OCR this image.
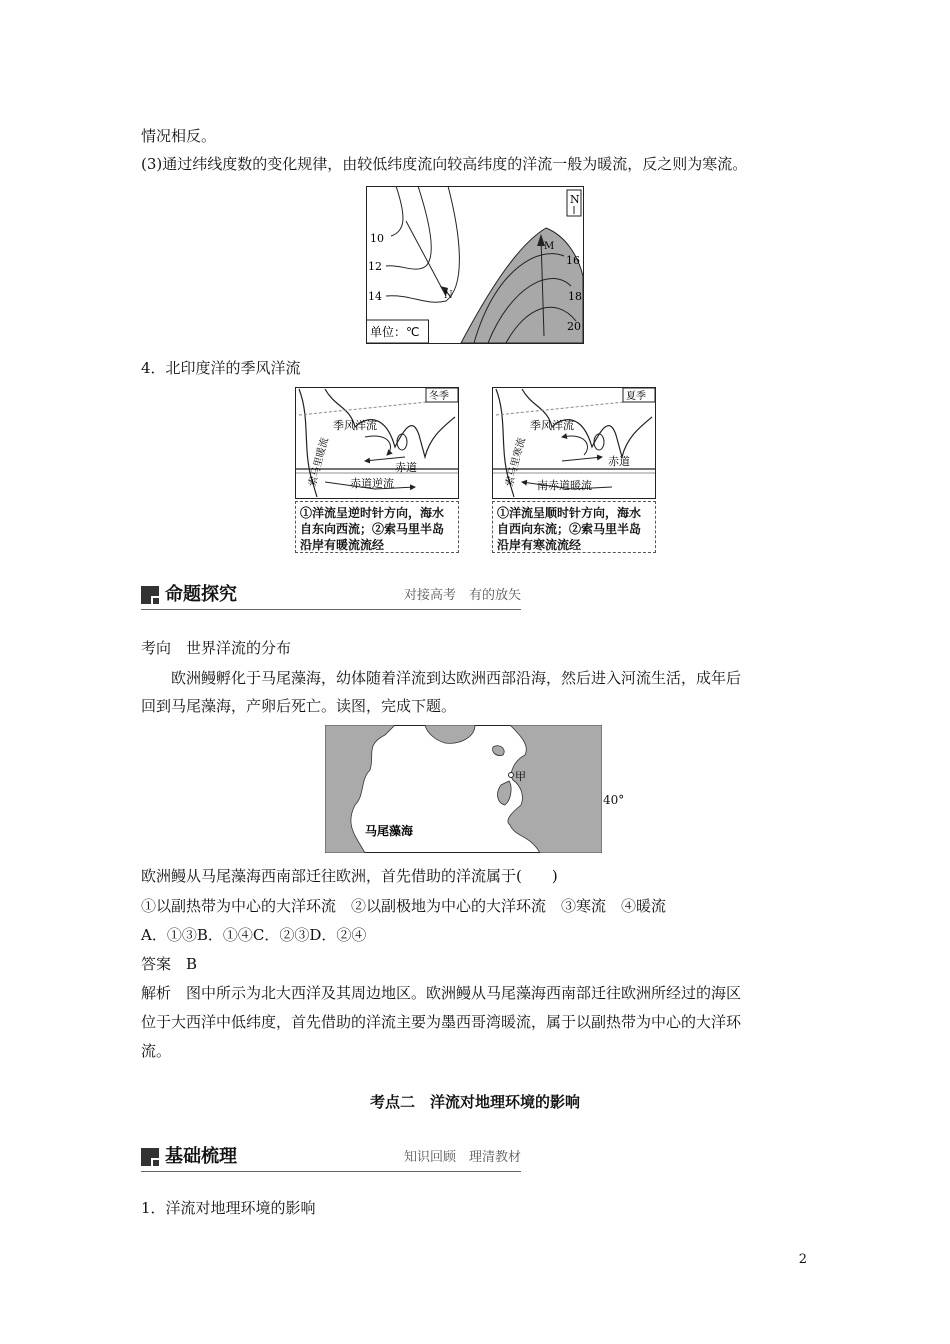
情况相反。
(3)通过纬线度数的变化规律，由较低纬度流向较高纬度的洋流一般为暖流，反之则为寒流。
N
10
12
14
16
18
20
M
N
单位：℃
4．北印度洋的季风洋流
冬季
季风洋流
赤道
赤道逆流
索马里暖流
①洋流呈逆时针方向，海水自东向西流；②索马里半岛沿岸有暖流流经
夏季
季风洋流
赤道
南赤道暖流
索马里寒流
①洋流呈顺时针方向，海水自西向东流；②索马里半岛沿岸有寒流流经
命题探究	对接高考　有的放矢
考向　世界洋流的分布
欧洲鳗孵化于马尾藻海，幼体随着洋流到达欧洲西部沿海，然后进入河流生活，成年后
回到马尾藻海，产卵后死亡。读图，完成下题。
甲
马尾藻海
40°
欧洲鳗从马尾藻海西南部迁往欧洲，首先借助的洋流属于(　　)
①以副热带为中心的大洋环流　②以副极地为中心的大洋环流　③寒流　④暖流
A．①③B．①④C．②③D．②④
答案　B
解析　图中所示为北大西洋及其周边地区。欧洲鳗从马尾藻海西南部迁往欧洲所经过的海区
位于大西洋中低纬度，首先借助的洋流主要为墨西哥湾暖流，属于以副热带为中心的大洋环
流。
考点二　洋流对地理环境的影响
基础梳理	知识回顾　理清教材
1．洋流对地理环境的影响
2
